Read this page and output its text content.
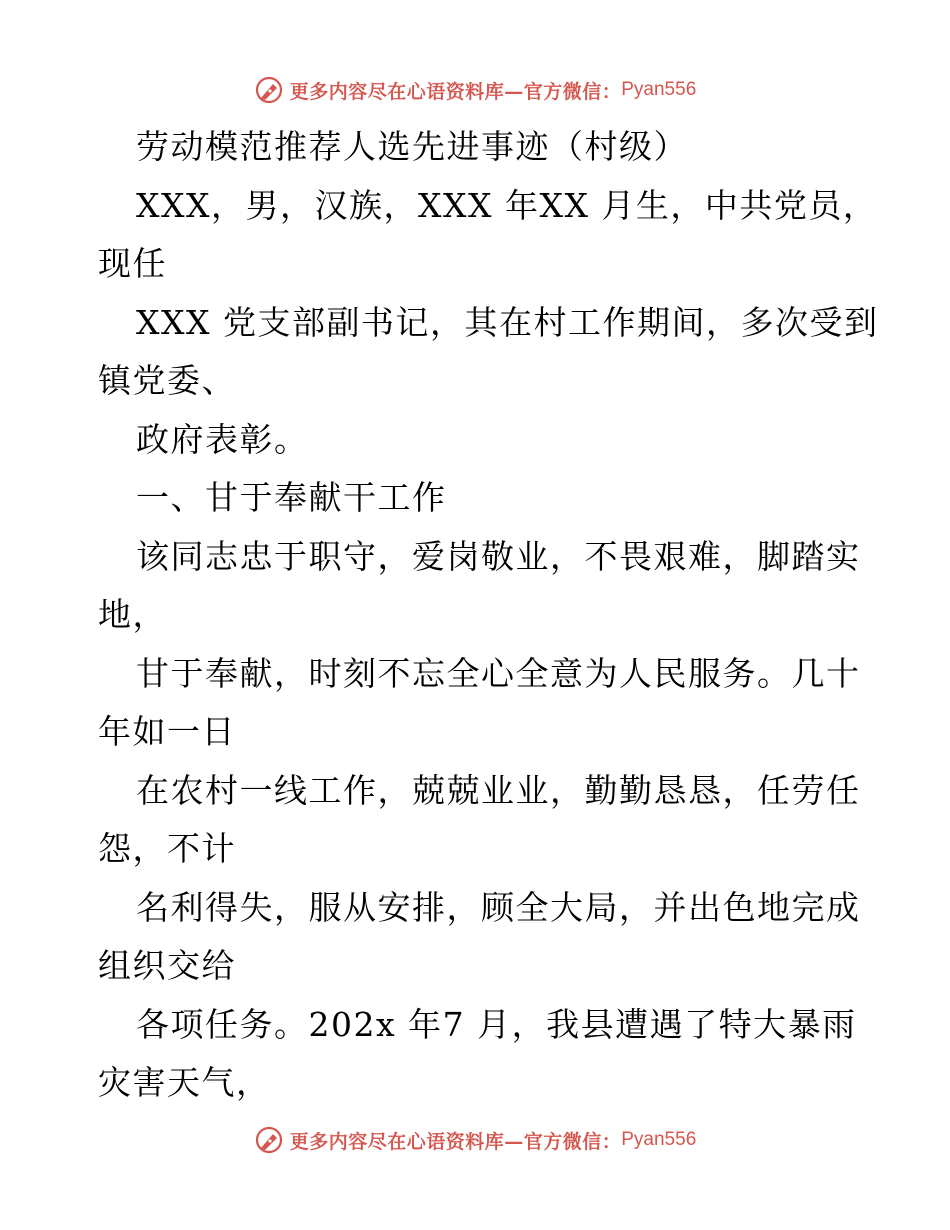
更多内容尽在心语资料库—官方微信： Pyan556
劳动模范推荐人选先进事迹（村级）
XXX，男，汉族，XXX 年XX 月生，中共党员，
现任
XXX 党支部副书记，其在村工作期间，多次受到
镇党委、
政府表彰。
一、甘于奉献干工作
该同志忠于职守，爱岗敬业，不畏艰难，脚踏实
地，
甘于奉献，时刻不忘全心全意为人民服务。几十
年如一日
在农村一线工作，兢兢业业，勤勤恳恳，任劳任
怨，不计
名利得失，服从安排，顾全大局，并出色地完成
组织交给
各项任务。202x 年7 月，我县遭遇了特大暴雨
灾害天气，
更多内容尽在心语资料库—官方微信： Pyan556
